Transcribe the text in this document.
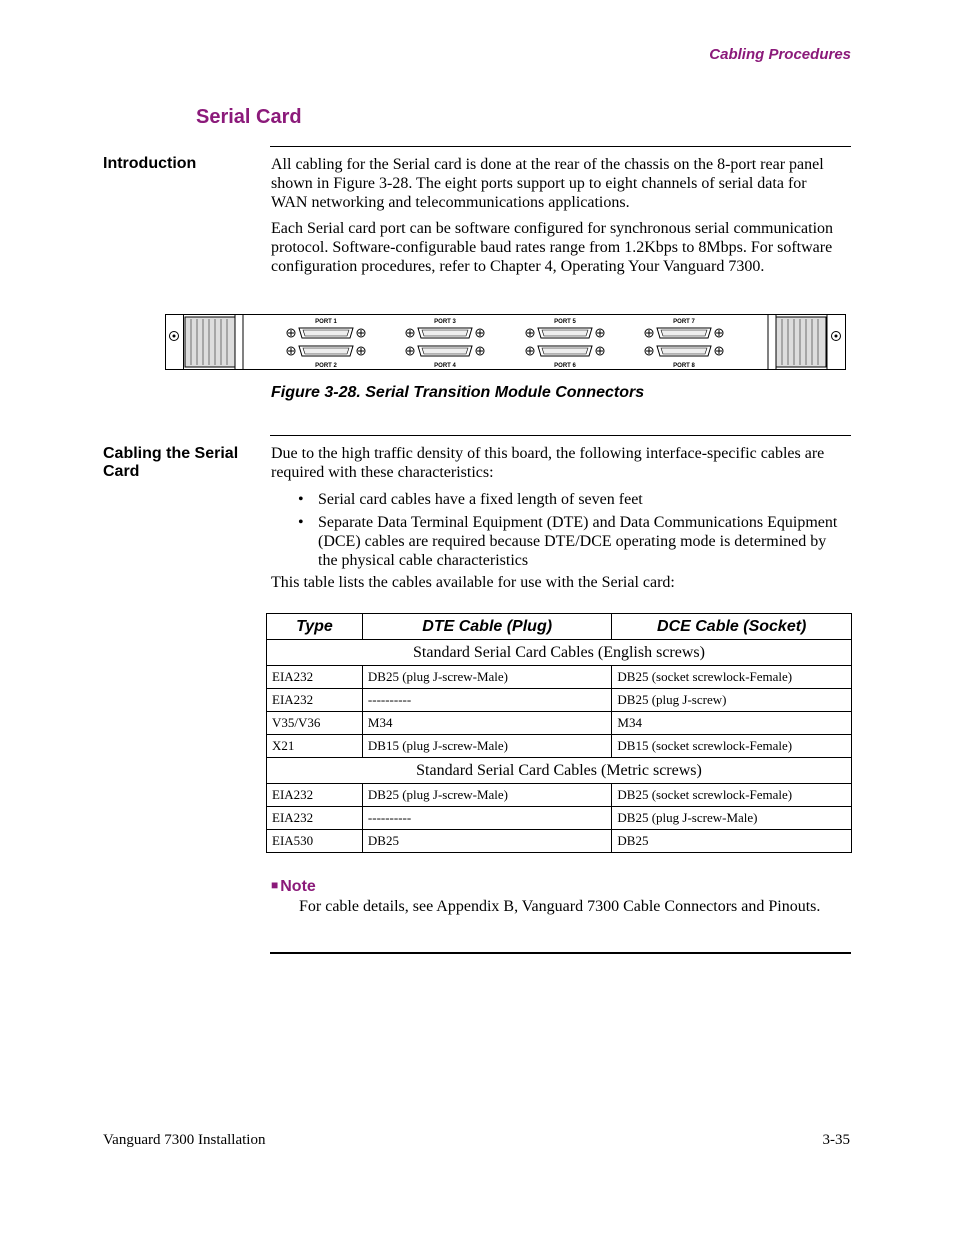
Cabling Procedures
Serial Card
Introduction	All cabling for the Serial card is done at the rear of the chassis on the 8-port rear panel shown in Figure 3-28. The eight ports support up to eight channels of serial data for WAN networking and telecommunications applications.

Each Serial card port can be software configured for synchronous serial communication protocol. Software-configurable baud rates range from 1.2Kbps to 8Mbps. For software configuration procedures, refer to Chapter 4, Operating Your Vanguard 7300.

PORT 1
PORT 2
PORT 3
PORT 4
PORT 5
PORT 6
PORT 7
PORT 8
Figure 3-28. Serial Transition Module Connectors
Cabling the Serial Card
Due to the high traffic density of this board, the following interface-specific cables are required with these characteristics:
• Serial card cables have a fixed length of seven feet
• Separate Data Terminal Equipment (DTE) and Data Communications Equipment (DCE) cables are required because DTE/DCE operating mode is determined by the physical cable characteristics
This table lists the cables available for use with the Serial card:
Type	DTE Cable (Plug)	DCE Cable (Socket)
Standard Serial Card Cables (English screws)		
EIA232	DB25 (plug J-screw-Male)	DB25 (socket screwlock-Female)
EIA232	----------	DB25 (plug J-screw)
V35/V36	M34	M34
X21	DB15 (plug J-screw-Male)	DB15 (socket screwlock-Female)
Standard Serial Card Cables (Metric screws)		
EIA232	DB25 (plug J-screw-Male)	DB25 (socket screwlock-Female)
EIA232	----------	DB25 (plug J-screw-Male)
EIA530	DB25	DB25
■ Note
For cable details, see Appendix B, Vanguard 7300 Cable Connectors and Pinouts.
Vanguard 7300 Installation	3-35
